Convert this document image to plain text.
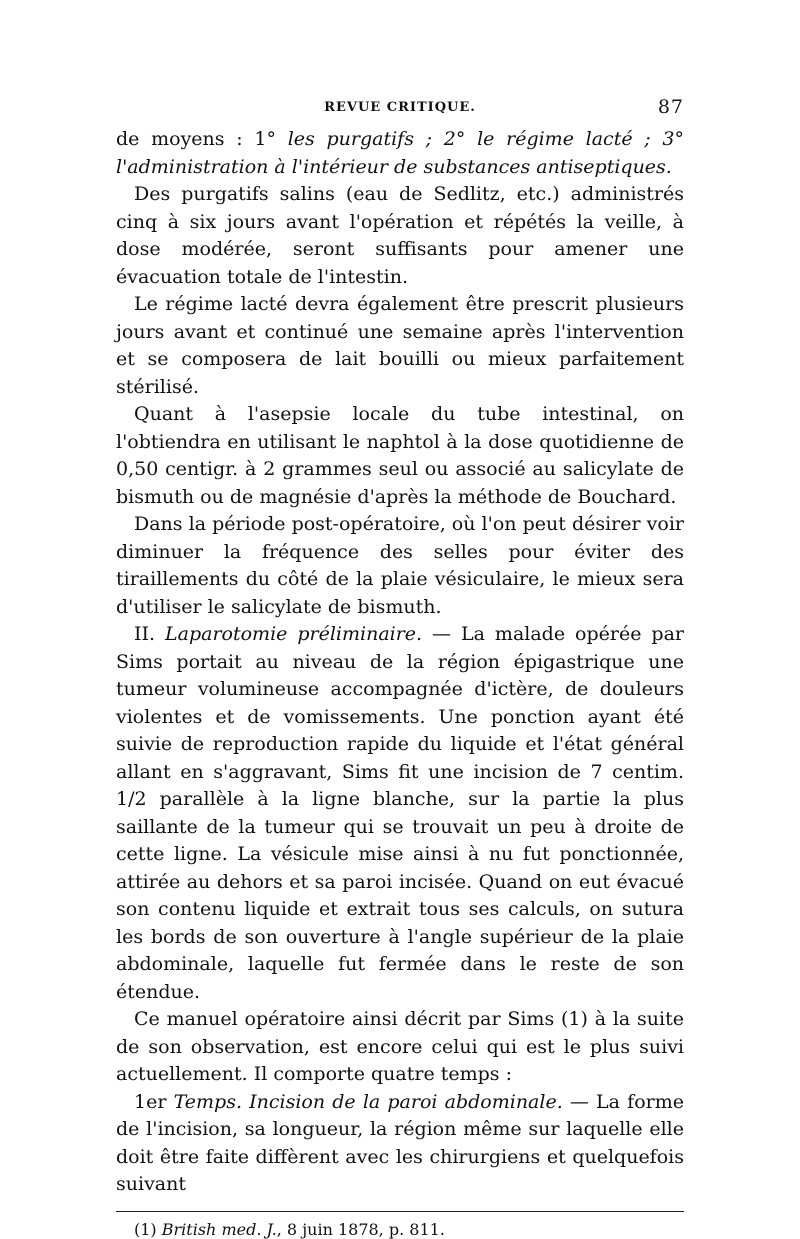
REVUE CRITIQUE.	87

de moyens : 1° les purgatifs ; 2° le régime lacté ; 3° l'administration à l'intérieur de substances antiseptiques.

Des purgatifs salins (eau de Sedlitz, etc.) administrés cinq à six jours avant l'opération et répétés la veille, à dose modérée, seront suffisants pour amener une évacuation totale de l'intestin.

Le régime lacté devra également être prescrit plusieurs jours avant et continué une semaine après l'intervention et se composera de lait bouilli ou mieux parfaitement stérilisé.

Quant à l'asepsie locale du tube intestinal, on l'obtiendra en utilisant le naphtol à la dose quotidienne de 0,50 centigr. à 2 grammes seul ou associé au salicylate de bismuth ou de magnésie d'après la méthode de Bouchard.

Dans la période post-opératoire, où l'on peut désirer voir diminuer la fréquence des selles pour éviter des tiraillements du côté de la plaie vésiculaire, le mieux sera d'utiliser le salicylate de bismuth.

II. Laparotomie préliminaire. — La malade opérée par Sims portait au niveau de la région épigastrique une tumeur volumineuse accompagnée d'ictère, de douleurs violentes et de vomissements. Une ponction ayant été suivie de reproduction rapide du liquide et l'état général allant en s'aggravant, Sims fit une incision de 7 centim. 1/2 parallèle à la ligne blanche, sur la partie la plus saillante de la tumeur qui se trouvait un peu à droite de cette ligne. La vésicule mise ainsi à nu fut ponctionnée, attirée au dehors et sa paroi incisée. Quand on eut évacué son contenu liquide et extrait tous ses calculs, on sutura les bords de son ouverture à l'angle supérieur de la plaie abdominale, laquelle fut fermée dans le reste de son étendue.

Ce manuel opératoire ainsi décrit par Sims (1) à la suite de son observation, est encore celui qui est le plus suivi actuellement. Il comporte quatre temps :

1er Temps. Incision de la paroi abdominale. — La forme de l'incision, sa longueur, la région même sur laquelle elle doit être faite diffèrent avec les chirurgiens et quelquefois suivant

(1) British med. J., 8 juin 1878, p. 811.
